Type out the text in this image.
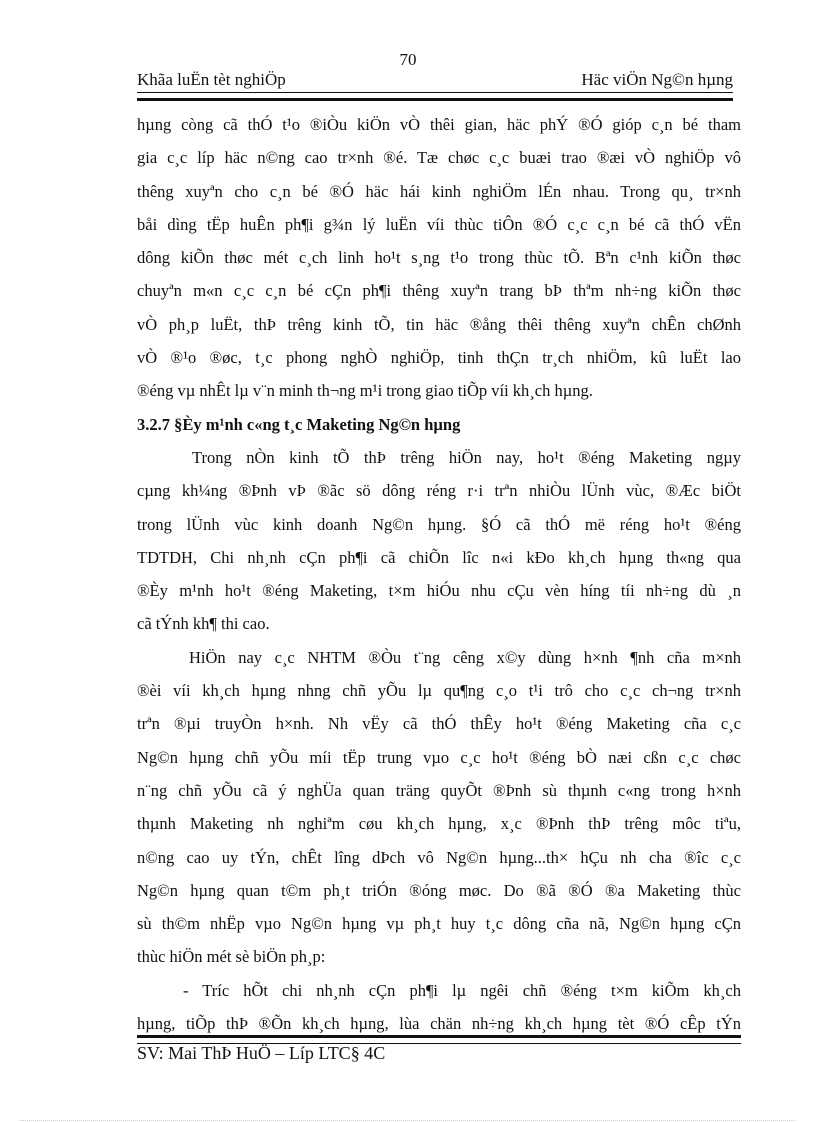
70
Khãa luËn tèt nghiÖp	Häc viÖn Ng©n hµng
hµng còng cã thÓ t¹o ®iÒu kiÖn vÒ thêi gian, häc phÝ ®Ó gióp c¸n bé tham
gia c¸c líp häc n©ng cao tr×nh ®é. Tæ chøc c¸c buæi trao ®æi vÒ nghiÖp vô
thêng xuyªn cho c¸n bé ®Ó häc hái kinh nghiÖm lÉn nhau. Trong qu¸ tr×nh
båi dìng tËp huÊn ph¶i g¾n lý luËn víi thùc tiÔn ®Ó c¸c c¸n bé cã thÓ vËn
dông kiÕn thøc mét c¸ch linh ho¹t s¸ng t¹o trong thùc tÕ. Bªn c¹nh kiÕn thøc
chuyªn m«n c¸c c¸n bé cÇn ph¶i thêng xuyªn trang bÞ thªm nh÷ng kiÕn thøc
vÒ ph¸p luËt, thÞ trêng kinh tÕ, tin häc ®ång thêi thêng xuyªn chÊn chØnh
vÒ ®¹o ®øc, t¸c phong nghÒ nghiÖp, tinh thÇn tr¸ch nhiÖm, kû luËt lao
®éng vµ nhÊt lµ v¨n minh th¬ng m¹i trong giao tiÕp víi kh¸ch hµng.
3.2.7 §Èy m¹nh c«ng t¸c Maketing Ng©n hµng
Trong nÒn kinh tÕ thÞ trêng hiÖn nay, ho¹t ®éng Maketing ngµy
cµng kh¼ng ®Þnh vÞ ®ãc sö dông réng r·i trªn nhiÒu lÜnh vùc, ®Æc biÖt
trong lÜnh vùc kinh doanh Ng©n hµng. §Ó cã thÓ më réng ho¹t ®éng
TDTDH, Chi nh¸nh cÇn ph¶i cã chiÕn lîc n«i kÐo kh¸ch hµng th«ng qua
®Èy m¹nh ho¹t ®éng Maketing, t×m hiÓu nhu cÇu vèn híng tíi nh÷ng dù ¸n
cã tÝnh kh¶ thi cao.
HiÖn nay c¸c NHTM ®Òu t¨ng cêng x©y dùng h×nh ¶nh cña m×nh
®èi víi kh¸ch hµng nhng chñ yÕu lµ qu¶ng c¸o t¹i trô cho c¸c ch¬ng tr×nh
trªn ®µi truyÒn h×nh. Nh vËy cã thÓ thÊy ho¹t ®éng Maketing cña c¸c
Ng©n hµng chñ yÕu míi tËp trung vµo c¸c ho¹t ®éng bÒ næi cßn c¸c chøc
n¨ng chñ yÕu cã ý nghÜa quan träng quyÕt ®Þnh sù thµnh c«ng trong h×nh
thµnh Maketing nh nghiªm cøu kh¸ch hµng, x¸c ®Þnh thÞ trêng môc tiªu,
n©ng cao uy tÝn, chÊt lîng dÞch vô Ng©n hµng...th× hÇu nh cha ®îc c¸c
Ng©n hµng quan t©m ph¸t triÓn ®óng møc. Do ®ã ®Ó ®a Maketing thùc
sù th©m nhËp vµo Ng©n hµng vµ ph¸t huy t¸c dông cña nã, Ng©n hµng cÇn
thùc hiÖn mét sè biÖn ph¸p:
- Tríc hÕt chi nh¸nh cÇn ph¶i lµ ngêi chñ ®éng t×m kiÕm kh¸ch
hµng, tiÕp thÞ ®Õn kh¸ch hµng, lùa chän nh÷ng kh¸ch hµng tèt ®Ó cÊp tÝn
SV: Mai ThÞ HuÖ – Líp LTC§ 4C
